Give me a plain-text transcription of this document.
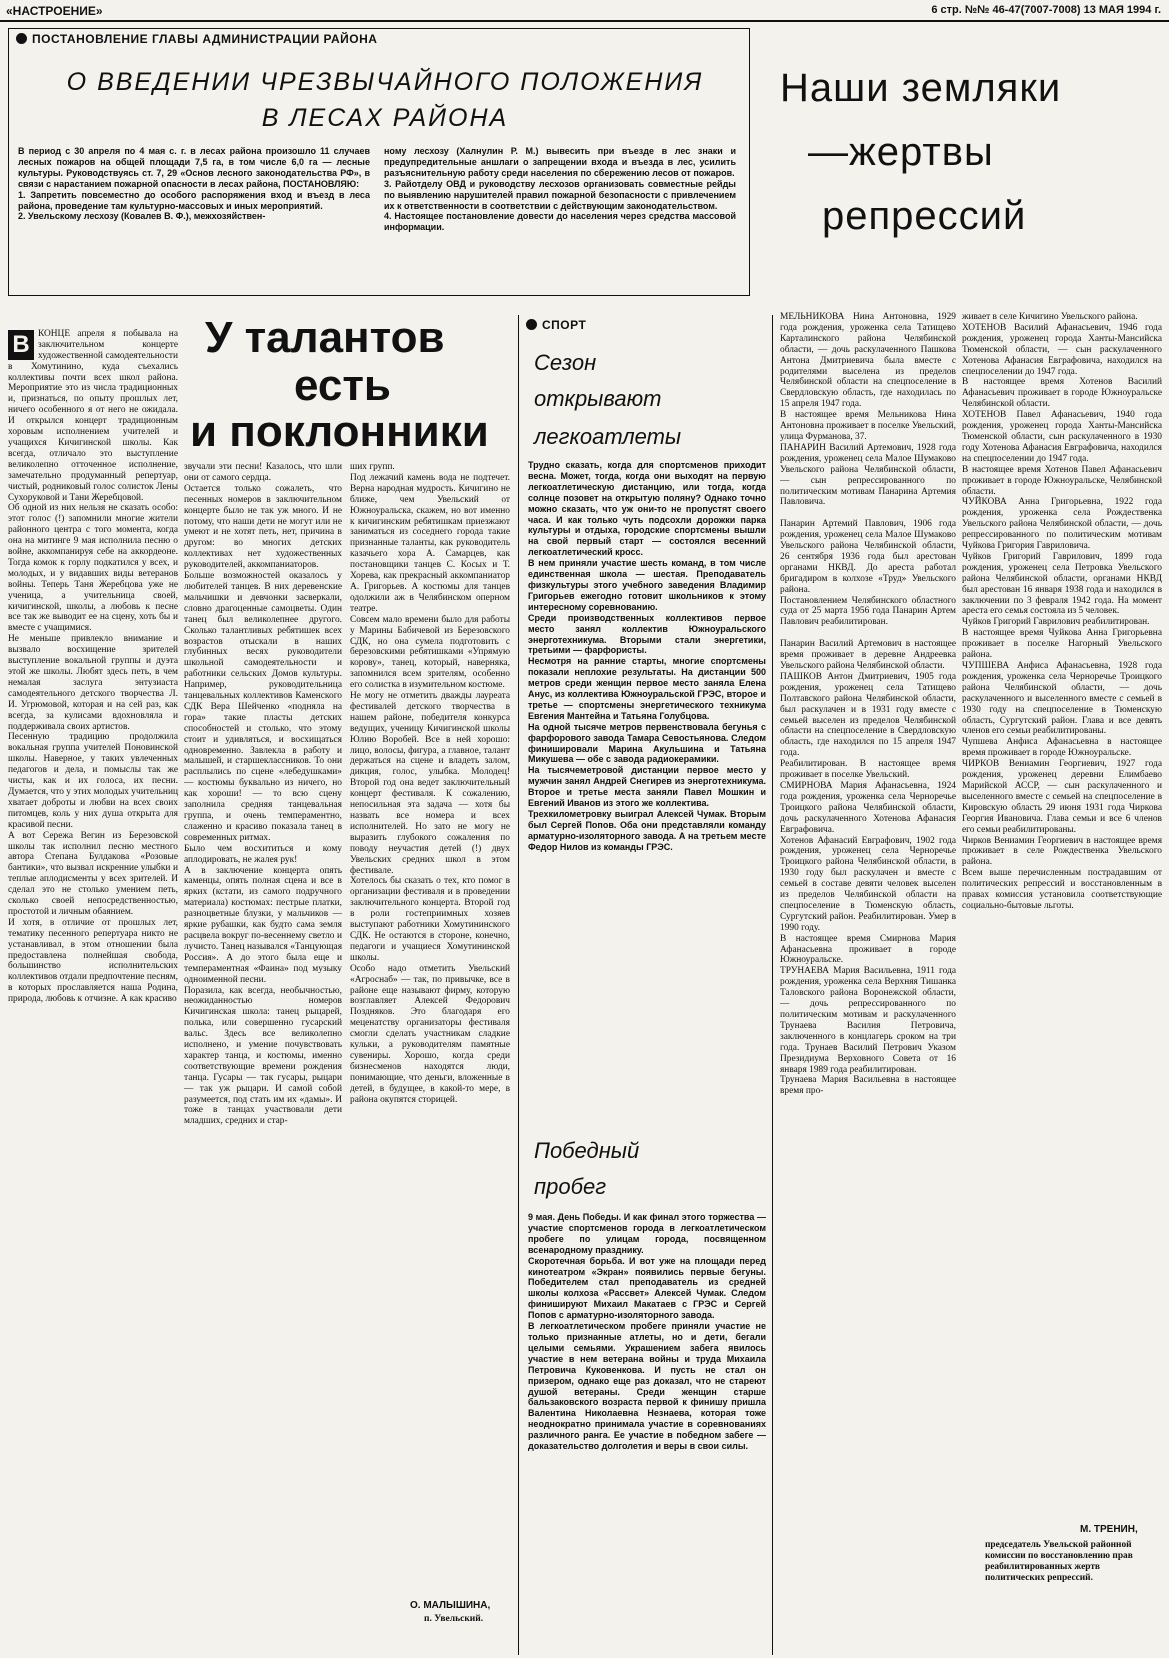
«НАСТРОЕНИЕ»	6 стр. №№ 46-47(7007-7008) 13 МАЯ 1994 г.
ПОСТАНОВЛЕНИЕ ГЛАВЫ АДМИНИСТРАЦИИ РАЙОНА
О ВВЕДЕНИИ ЧРЕЗВЫЧАЙНОГО ПОЛОЖЕНИЯ
В ЛЕСАХ РАЙОНА
В период с 30 апреля по 4 мая с. г. в лесах района произошло 11 случаев лесных пожаров на общей площади 7,5 га, в том числе 6,0 га — лесные культуры. Руководствуясь ст. 7, 29 «Основ лесного законодательства РФ», в связи с нарастанием пожарной опасности в лесах района, ПОСТАНОВЛЯЮ:
1. Запретить повсеместно до особого распоряжения вход и въезд в леса района, проведение там культурно-массовых и иных мероприятий.
2. Увельскому лесхозу (Ковалев В. Ф.), межхозяйствен-
ному лесхозу (Халнулин Р. М.) вывесить при въезде в лес знаки и предупредительные аншлаги о запрещении входа и въезда в лес, усилить разъяснительную работу среди населения по сбережению лесов от пожаров.
3. Райотделу ОВД и руководству лесхозов организовать совместные рейды по выявлению нарушителей правил пожарной безопасности с привлечением их к ответственности в соответствии с действующим законодательством.
4. Настоящее постановление довести до населения через средства массовой информации.
Наши земляки
—жертвы
репрессий

В КОНЦЕ апреля я побывала на заключительном концерте художественной самодеятельности в Хомутинино, куда съехались коллективы почти всех школ района. Мероприятие это из числа традиционных и, признаться, по опыту прошлых лет, ничего особенного я от него не ожидала. И открылся концерт традиционным хоровым исполнением учителей и учащихся Кичигинской школы. Как всегда, отличало это выступление великолепно отточенное исполнение, замечательно продуманный репертуар, чистый, родниковый голос солисток Лены Сухоруковой и Тани Жеребцовой.
Об одной из них нельзя не сказать особо: этот голос (!) запомнили многие жители районного центра с того момента, когда она на митинге 9 мая исполнила песню о войне, аккомпанируя себе на аккордеоне. Тогда комок к горлу подкатился у всех, и молодых, и у видавших виды ветеранов войны. Теперь Таня Жеребцова уже не ученица, а учительница своей, кичигинской, школы, а любовь к песне все так же выводит ее на сцену, хоть бы и вместе с учащимися.
Не меньше привлекло внимание и вызвало восхищение зрителей выступление вокальной группы и дуэта этой же школы. Любят здесь петь, в чем немалая заслуга энтузиаста самодеятельного детского творчества Л. И. Угрюмовой, которая и на сей раз, как всегда, за кулисами вдохновляла и поддерживала своих артистов.
Песенную традицию продолжила вокальная группа учителей Поновинской школы. Наверное, у таких увлеченных педагогов и дела, и помыслы так же чисты, как и их голоса, их песни. Думается, что у этих молодых учительниц хватает доброты и любви на всех своих питомцев, коль у них душа открыта для красивой песни.
А вот Сережа Вегин из Березовской школы так исполнил песню местного автора Степана Булдакова «Розовые бантики», что вызвал искренние улыбки и теплые аплодисменты у всех зрителей. И сделал это не столько умением петь, сколько своей непосредственностью, простотой и личным обаянием.
И хотя, в отличие от прошлых лет, тематику песенного репертуара никто не устанавливал, в этом отношении была предоставлена полнейшая свобода, большинство исполнительских коллективов отдали предпочтение песням, в которых прославляется наша Родина, природа, любовь к отчизне. А как красиво

У талантов
есть
и поклонники
звучали эти песни! Казалось, что шли они от самого сердца.
Остается только сожалеть, что песенных номеров в заключительном концерте было не так уж много. И не потому, что наши дети не могут или не умеют и не хотят петь, нет, причина в другом: во многих детских коллективах нет художественных руководителей, аккомпаниаторов.
Больше возможностей оказалось у любителей танцев. В них деревенские мальчишки и девчонки засверкали, словно драгоценные самоцветы. Один танец был великолепнее другого. Сколько талантливых ребятишек всех возрастов отыскали в наших глубинных весях руководители школьной самодеятельности и работники сельских Домов культуры. Например, руководительница танцевальных коллективов Каменского СДК Вера Шейченко «подняла на гора» такие пласты детских способностей и столько, что этому стоит и удивляться, и восхищаться одновременно. Завлекла в работу и малышей, и старшеклассников. То они расплылись по сцене «лебедушками» — костюмы буквально из ничего, но как хороши! — то всю сцену заполнила средняя танцевальная группа, и очень темпераментно, слаженно и красиво показала танец в современных ритмах.
Было чем восхититься и кому аплодировать, не жалея рук!
А в заключение концерта опять каменцы, опять полная сцена и все в ярких (кстати, из самого подручного материала) костюмах: пестрые платки, разноцветные блузки, у мальчиков — яркие рубашки, как будто сама земля расцвела вокруг по-весеннему светло и лучисто. Танец назывался «Танцующая Россия». А до этого была еще и темпераментная «Фаина» под музыку одноименной песни.
Поразила, как всегда, необычностью, неожиданностью номеров Кичигинская школа: танец рыцарей, полька, или совершенно гусарский вальс. Здесь все великолепно исполнено, и умение почувствовать характер танца, и костюмы, именно соответствующие времени рождения танца. Гусары — так гусары, рыцари — так уж рыцари. И самой собой разумеется, под стать им их «дамы». И тоже в танцах участвовали дети младших, средних и стар-
ших групп.
Под лежачий камень вода не подтечет. Верна народная мудрость. Кичигино не ближе, чем Увельский от Южноуральска, скажем, но вот именно к кичигинским ребятишкам приезжают заниматься из соседнего города такие признанные таланты, как руководитель казачьего хора А. Самарцев, как постановщики танцев С. Косых и Т. Хорева, как прекрасный аккомпаниатор А. Григорьев. А костюмы для танцев одолжили аж в Челябинском оперном театре.
Совсем мало времени было для работы у Марины Бабичевой из Березовского СДК, но она сумела подготовить с березовскими ребятишками «Упрямую корову», танец, который, наверняка, запомнился всем зрителям, особенно его солистка в изумительном костюме.
Не могу не отметить дважды лауреата фестивалей детского творчества в нашем районе, победителя конкурса ведущих, ученицу Кичигинской школы Юлию Воробей. Все в ней хорошо: лицо, волосы, фигура, а главное, талант держаться на сцене и владеть залом, дикция, голос, улыбка. Молодец! Второй год она ведет заключительный концерт фестиваля. К сожалению, непосильная эта задача — хотя бы назвать все номера и всех исполнителей. Но зато не могу не выразить глубокого сожаления по поводу неучастия детей (!) двух Увельских средних школ в этом фестивале.
Хотелось бы сказать о тех, кто помог в организации фестиваля и в проведении заключительного концерта. Второй год в роли гостеприимных хозяев выступают работники Хомутининского СДК. Не остаются в стороне, конечно, педагоги и учащиеся Хомутининской школы.
Особо надо отметить Увельский «Агроснаб» — так, по привычке, все в районе еще называют фирму, которую возглавляет Алексей Федорович Поздняков. Это благодаря его меценатству организаторы фестиваля смогли сделать участникам сладкие кульки, а руководителям памятные сувениры. Хорошо, когда среди бизнесменов находятся люди, понимающие, что деньги, вложенные в детей, в будущее, в какой-то мере, в района окупятся сторицей.
О. МАЛЫШИНА,
п. Увельский.
СПОРТ
Сезон
открывают
легкоатлеты
Трудно сказать, когда для спортсменов приходит весна. Может, тогда, когда они выходят на первую легкоатлетическую дистанцию, или тогда, когда солнце позовет на открытую поляну? Однако точно можно сказать, что уж они-то не пропустят своего часа. И как только чуть подсохли дорожки парка культуры и отдыха, городские спортсмены вышли на свой первый старт — состоялся весенний легкоатлетический кросс.
В нем приняли участие шесть команд, в том числе единственная школа — шестая. Преподаватель физкультуры этого учебного заведения Владимир Григорьев ежегодно готовит школьников к этому интересному соревнованию.
Среди производственных коллективов первое место занял коллектив Южноуральского энерготехникума. Вторыми стали энергетики, третьими — фарфористы.
Несмотря на ранние старты, многие спортсмены показали неплохие результаты. На дистанции 500 метров среди женщин первое место заняла Елена Анус, из коллектива Южноуральской ГРЭС, второе и третье — спортсмены энергетического техникума Евгения Мантейна и Татьяна Голубцова.
На одной тысяче метров первенствовала бегунья с фарфорового завода Тамара Севостьянова. Следом финишировали Марина Акульшина и Татьяна Микушева — обе с завода радиокерамики.
На тысячеметровой дистанции первое место у мужчин занял Андрей Снегирев из энерготехникума. Второе и третье места заняли Павел Мошкин и Евгений Иванов из этого же коллектива.
Трехкилометровку выиграл Алексей Чумак. Вторым был Сергей Попов. Оба они представляли команду арматурно-изоляторного завода. А на третьем месте Федор Нилов из команды ГРЭС.
Победный
пробег
9 мая. День Победы. И как финал этого торжества — участие спортсменов города в легкоатлетическом пробеге по улицам города, посвященном всенародному празднику.
Скоротечная борьба. И вот уже на площади перед кинотеатром «Экран» появились первые бегуны. Победителем стал преподаватель из средней школы колхоза «Рассвет» Алексей Чумак. Следом финишируют Михаил Макатаев с ГРЭС и Сергей Попов с арматурно-изоляторного завода.
В легкоатлетическом пробеге приняли участие не только признанные атлеты, но и дети, бегали целыми семьями. Украшением забега явилось участие в нем ветерана войны и труда Михаила Петровича Куковенкова. И пусть не стал он призером, однако еще раз доказал, что не стареют душой ветераны. Среди женщин старше бальзаковского возраста первой к финишу пришла Валентина Николаевна Незнаева, которая тоже неоднократно принимала участие в соревнованиях различного ранга. Ее участие в победном забеге — доказательство долголетия и веры в свои силы.
МЕЛЬНИКОВА Нина Антоновна, 1929 года рождения, уроженка села Татищево Карталинского района Челябинской области, — дочь раскулаченного Пашкова Антона Дмитриевича была вместе с родителями выселена из пределов Челябинской области на спецпоселение в Свердловскую область, где находилась по 15 апреля 1947 года.
В настоящее время Мельникова Нина Антоновна проживает в поселке Увельский, улица Фурманова, 37.
ПАНАРИН Василий Артемович, 1928 года рождения, уроженец села Малое Шумаково Увельского района Челябинской области, — сын репрессированного по политическим мотивам Панарина Артемия Павловича.

Панарин Артемий Павлович, 1906 года рождения, уроженец села Малое Шумаково Увельского района Челябинской области, 26 сентября 1936 года был арестован органами НКВД. До ареста работал бригадиром в колхозе «Труд» Увельского района.
Постановлением Челябинского областного суда от 25 марта 1956 года Панарин Артем Павлович реабилитирован.

Панарин Василий Артемович в настоящее время проживает в деревне Андреевка Увельского района Челябинской области.
ПАШКОВ Антон Дмитриевич, 1905 года рождения, уроженец села Татищево Полтавского района Челябинской области, был раскулачен и в 1931 году вместе с семьей выселен из пределов Челябинской области на спецпоселение в Свердловскую область, где находился по 15 апреля 1947 года.
Реабилитирован. В настоящее время проживает в поселке Увельский.
СМИРНОВА Мария Афанасьевна, 1924 года рождения, уроженка села Черноречье Троицкого района Челябинской области, дочь раскулаченного Хотенова Афанасия Евграфовича.
Хотенов Афанасий Евграфович, 1902 года рождения, уроженец села Черноречье Троицкого района Челябинской области, в 1930 году был раскулачен и вместе с семьей в составе девяти человек выселен из пределов Челябинской области на спецпоселение в Тюменскую область, Сургутский район. Реабилитирован. Умер в 1990 году.
В настоящее время Смирнова Мария Афанасьевна проживает в городе Южноуральске.
ТРУНАЕВА Мария Васильевна, 1911 года рождения, уроженка села Верхняя Тишанка Таловского района Воронежской области, — дочь репрессированного по политическим мотивам и раскулаченного Трунаева Василия Петровича, заключенного в концлагерь сроком на три года. Трунаев Василий Петрович Указом Президиума Верховного Совета от 16 января 1989 года реабилитирован.
Трунаева Мария Васильевна в настоящее время про-
живает в селе Кичигино Увельского района.
ХОТЕНОВ Василий Афанасьевич, 1946 года рождения, уроженец города Ханты-Мансийска Тюменской области, — сын раскулаченного Хотенова Афанасия Евграфовича, находился на спецпоселении до 1947 года.
В настоящее время Хотенов Василий Афанасьевич проживает в городе Южноуральске Челябинской области.
ХОТЕНОВ Павел Афанасьевич, 1940 года рождения, уроженец города Ханты-Мансийска Тюменской области, сын раскулаченного в 1930 году Хотенова Афанасия Евграфовича, находился на спецпоселении до 1947 года.
В настоящее время Хотенов Павел Афанасьевич проживает в городе Южноуральске, Челябинской области.
ЧУЙКОВА Анна Григорьевна, 1922 года рождения, уроженка села Рождественка Увельского района Челябинской области, — дочь репрессированного по политическим мотивам Чуйкова Григория Гавриловича.
Чуйков Григорий Гаврилович, 1899 года рождения, уроженец села Петровка Увельского района Челябинской области, органами НКВД был арестован 16 января 1938 года и находился в заключении по 3 февраля 1942 года. На момент ареста его семья состояла из 5 человек.
Чуйков Григорий Гаврилович реабилитирован.
В настоящее время Чуйкова Анна Григорьевна проживает в поселке Нагорный Увельского района.
ЧУПШЕВА Анфиса Афанасьевна, 1928 года рождения, уроженка села Черноречье Троицкого района Челябинской области, — дочь раскулаченного и выселенного вместе с семьей в 1930 году на спецпоселение в Тюменскую область, Сургутский район. Глава и все девять членов его семьи реабилитированы.
Чупшева Анфиса Афанасьевна в настоящее время проживает в городе Южноуральске.
ЧИРКОВ Вениамин Георгиевич, 1927 года рождения, уроженец деревни Елимбаево Марийской АССР, — сын раскулаченного и выселенного вместе с семьей на спецпоселение в Кировскую область 29 июня 1931 года Чиркова Георгия Ивановича. Глава семьи и все 6 членов его семьи реабилитированы.
Чирков Вениамин Георгиевич в настоящее время проживает в селе Рождественка Увельского района.
Всем выше перечисленным пострадавшим от политических репрессий и восстановленным в правах комиссия установила соответствующие социально-бытовые льготы.
М. ТРЕНИН,
председатель Увельской районной комиссии по восстановлению прав реабилитированных жертв политических репрессий.
